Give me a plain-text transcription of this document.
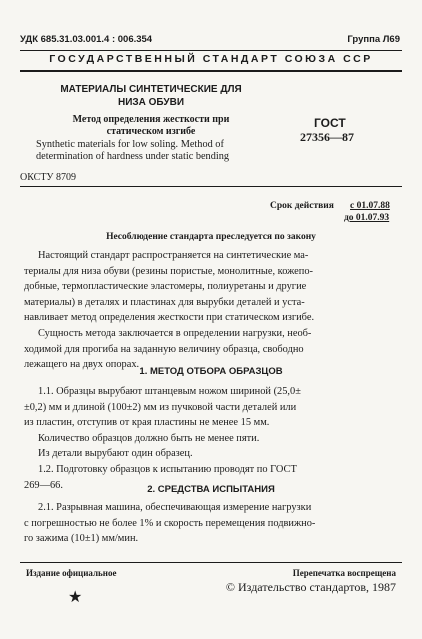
УДК 685.31.03.001.4 : 006.354	Группа Л69
ГОСУДАРСТВЕННЫЙ СТАНДАРТ СОЮЗА ССР
МАТЕРИАЛЫ СИНТЕТИЧЕСКИЕ ДЛЯ
НИЗА ОБУВИ
Метод определения жесткости при
статическом изгибе
Synthetic materials for low soling. Method of
determination of hardness under static bending
ГОСТ
27356—87
ОКСТУ 8709
Срок действия с 01.07.88
до 01.07.93
Несоблюдение стандарта преследуется по закону

Настоящий стандарт распространяется на синтетические ма-

териалы для низа обуви (резины пористые, монолитные, кожепо-

добные, термопластические эластомеры, полиуретаны и другие

материалы) в деталях и пластинах для вырубки деталей и уста-

навливает метод определения жесткости при статическом изгибе.

Сущность метода заключается в определении нагрузки, необ-

ходимой для прогиба на заданную величину образца, свободно

лежащего на двух опорах.

1. МЕТОД ОТБОРА ОБРАЗЦОВ

1.1. Образцы вырубают штанцевым ножом шириной (25,0±

±0,2) мм и длиной (100±2) мм из пучковой части деталей или

из пластин, отступив от края пластины не менее 15 мм.

Количество образцов должно быть не менее пяти.

Из детали вырубают один образец.

1.2. Подготовку образцов к испытанию проводят по ГОСТ

269—66.	2. СРЕДСТВА ИСПЫТАНИЯ

2.1. Разрывная машина, обеспечивающая измерение нагрузки

с погрешностью не более 1% и скорость перемещения подвижно-

го зажима (10±1) мм/мин.

Издание официальное	Перепечатка воспрещена
© Издательство стандартов, 1987
★
